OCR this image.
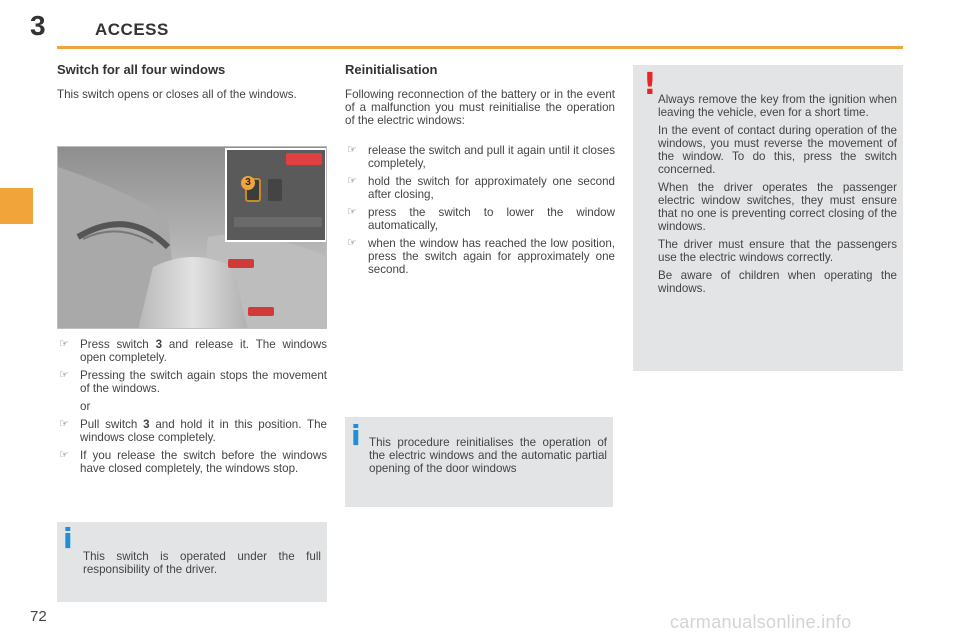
3	ACCESS
Switch for all four windows
This switch opens or closes all of the windows.
3
☞ Press switch 3 and release it. The windows open completely.
☞ Pressing the switch again stops the movement of the windows.
or
☞ Pull switch 3 and hold it in this position. The windows close completely.
☞ If you release the switch before the windows have closed completely, the windows stop.
i
This switch is operated under the full responsibility of the driver.
Reinitialisation
Following reconnection of the battery or in the event of a malfunction you must reinitialise the operation of the electric windows:
☞ release the switch and pull it again until it closes completely,
☞ hold the switch for approximately one second after closing,
☞ press the switch to lower the window automatically,
☞ when the window has reached the low position, press the switch again for approximately one second.
i This procedure reinitialises the operation of the electric windows and the automatic partial opening of the door windows
! Always remove the key from the ignition when leaving the vehicle, even for a short time.

In the event of contact during operation of the windows, you must reverse the movement of the window. To do this, press the switch concerned.

When the driver operates the passenger electric window switches, they must ensure that no one is preventing correct closing of the windows.

The driver must ensure that the passengers use the electric windows correctly.

Be aware of children when operating the windows.

72	carmanualsonline.info
